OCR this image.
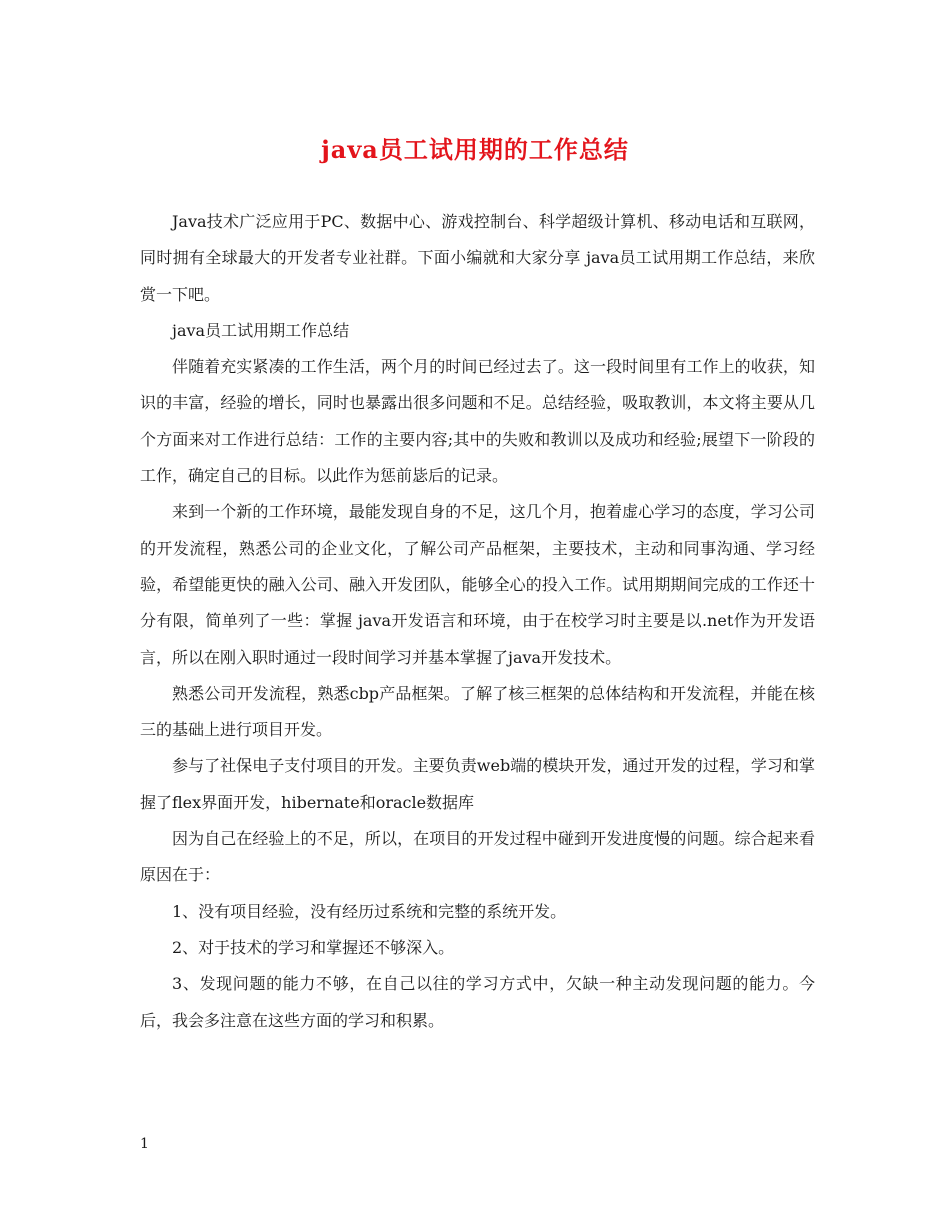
java员工试用期的工作总结

Java技术广泛应用于PC、数据中心、游戏控制台、科学超级计算机、移动电话和互联网，同时拥有全球最大的开发者专业社群。下面小编就和大家分享 java员工试用期工作总结，来欣赏一下吧。

java员工试用期工作总结

伴随着充实紧凑的工作生活，两个月的时间已经过去了。这一段时间里有工作上的收获，知识的丰富，经验的增长，同时也暴露出很多问题和不足。总结经验，吸取教训，本文将主要从几个方面来对工作进行总结：工作的主要内容;其中的失败和教训以及成功和经验;展望下一阶段的工作，确定自己的目标。以此作为惩前毖后的记录。

来到一个新的工作环境，最能发现自身的不足，这几个月，抱着虚心学习的态度，学习公司的开发流程，熟悉公司的企业文化，了解公司产品框架，主要技术，主动和同事沟通、学习经验，希望能更快的融入公司、融入开发团队，能够全心的投入工作。试用期期间完成的工作还十分有限，简单列了一些：掌握 java开发语言和环境，由于在校学习时主要是以.net作为开发语言，所以在刚入职时通过一段时间学习并基本掌握了java开发技术。

熟悉公司开发流程，熟悉cbp产品框架。了解了核三框架的总体结构和开发流程，并能在核三的基础上进行项目开发。

参与了社保电子支付项目的开发。主要负责web端的模块开发，通过开发的过程，学习和掌握了flex界面开发，hibernate和oracle数据库

因为自己在经验上的不足，所以，在项目的开发过程中碰到开发进度慢的问题。综合起来看原因在于：

1、没有项目经验，没有经历过系统和完整的系统开发。

2、对于技术的学习和掌握还不够深入。

3、发现问题的能力不够，在自己以往的学习方式中，欠缺一种主动发现问题的能力。今后，我会多注意在这些方面的学习和积累。

1
